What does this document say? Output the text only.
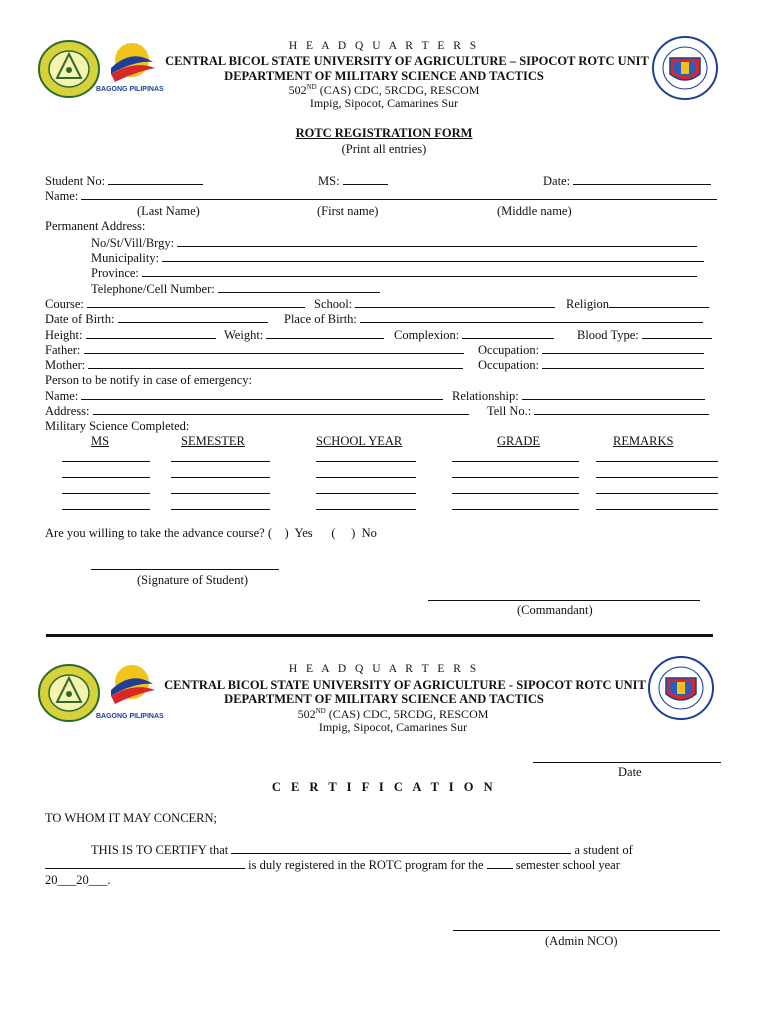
BAGONG PILIPINAS
H E A D Q U A R T E R S
CENTRAL BICOL STATE UNIVERSITY OF AGRICULTURE – SIPOCOT ROTC UNIT
DEPARTMENT OF MILITARY SCIENCE AND TACTICS
502ND (CAS) CDC, 5RCDG, RESCOM
Impig, Sipocot, Camarines Sur
ROTC REGISTRATION FORM
(Print all entries)
Student No:	MS:	Date:
Name:
(Last Name)	(First name)	(Middle name)
Permanent Address:
No/St/Vill/Brgy:
Municipality:
Province:
Telephone/Cell Number:
Course:	School:	Religion
Date of Birth:	Place of Birth:
Height:	Weight:	Complexion:	Blood Type:
Father:	Occupation:
Mother:	Occupation:
Person to be notify in case of emergency:
Name:	Relationship:
Address:	Tell No.:
Military Science Completed:
MS	SEMESTER	SCHOOL YEAR	GRADE	REMARKS
Are you willing to take the advance course? (    )  Yes      (     )  No
(Signature of Student)
(Commandant)
BAGONG PILIPINAS
H E A D Q U A R T E R S
CENTRAL BICOL STATE UNIVERSITY OF AGRICULTURE - SIPOCOT ROTC UNIT
DEPARTMENT OF MILITARY SCIENCE AND TACTICS
502ND (CAS) CDC, 5RCDG, RESCOM
Impig, Sipocot, Camarines Sur
Date
C E R T I F I C A T I O N
TO WHOM IT MAY CONCERN;
THIS IS TO CERTIFY that	a student of
is duly registered in the ROTC program for the	semester school year
20___20___.
(Admin NCO)
